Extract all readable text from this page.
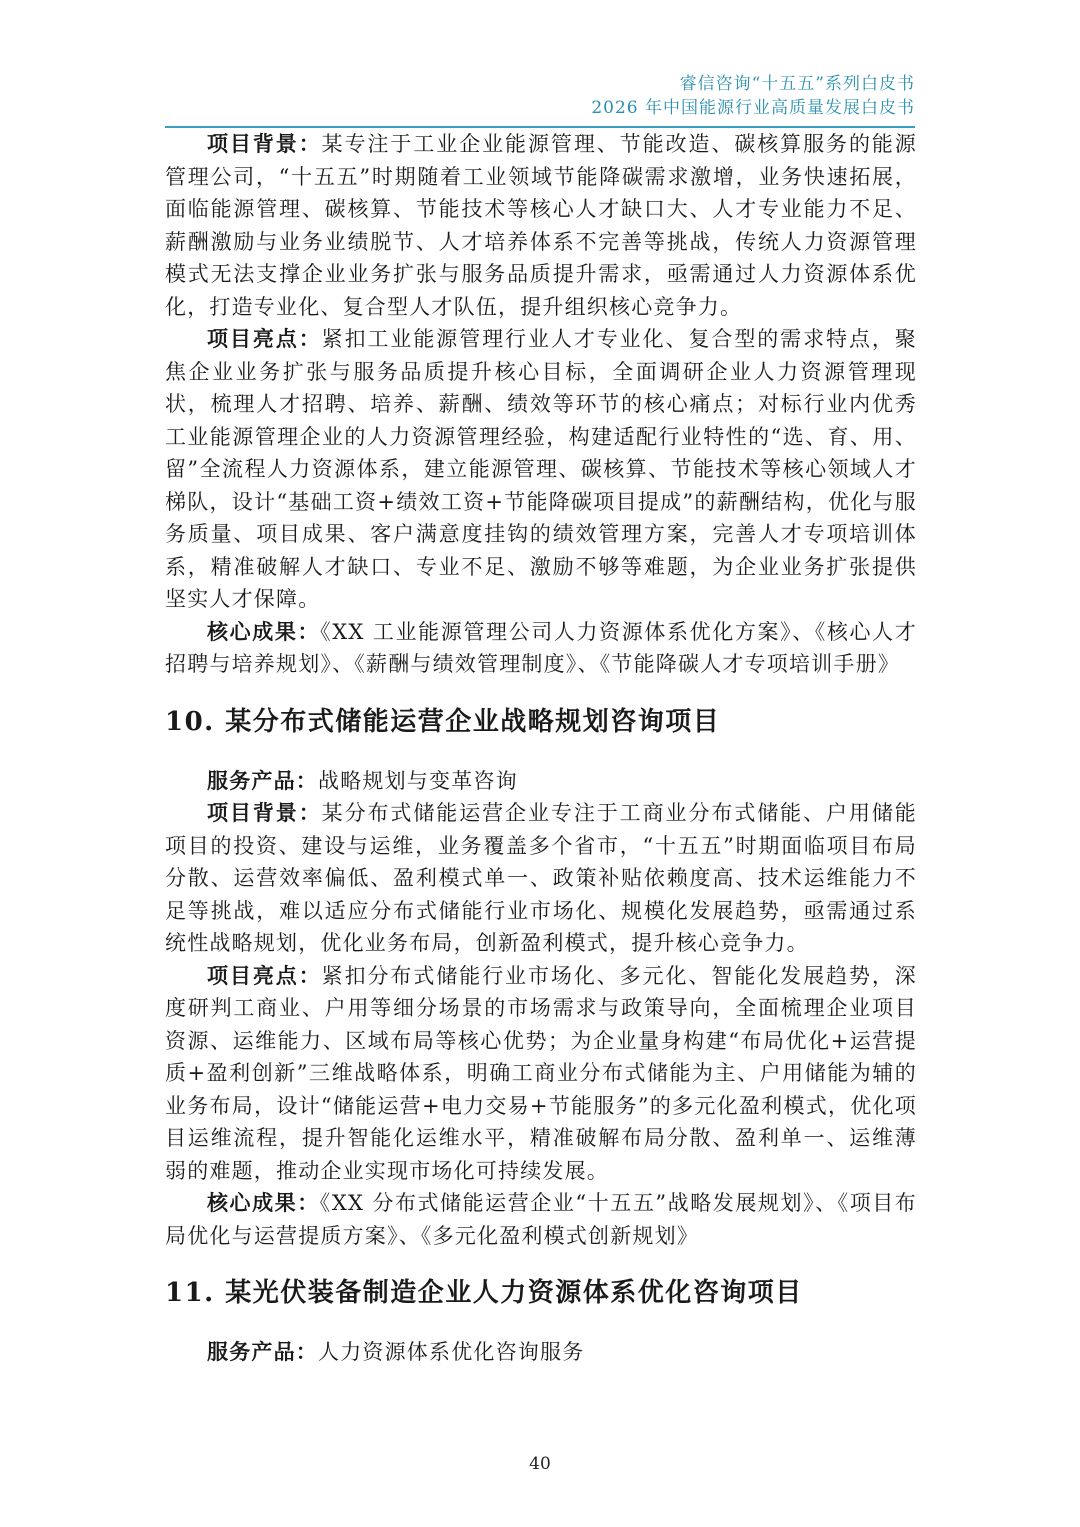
睿信咨询“十五五”系列白皮书
2026 年中国能源行业高质量发展白皮书

项目背景：某专注于工业企业能源管理、节能改造、碳核算服务的能源管理公司，“十五五”时期随着工业领域节能降碳需求激增，业务快速拓展，面临能源管理、碳核算、节能技术等核心人才缺口大、人才专业能力不足、薪酬激励与业务业绩脱节、人才培养体系不完善等挑战，传统人力资源管理模式无法支撑企业业务扩张与服务品质提升需求，亟需通过人力资源体系优化，打造专业化、复合型人才队伍，提升组织核心竞争力。

项目亮点：紧扣工业能源管理行业人才专业化、复合型的需求特点，聚焦企业业务扩张与服务品质提升核心目标，全面调研企业人力资源管理现状，梳理人才招聘、培养、薪酬、绩效等环节的核心痛点；对标行业内优秀工业能源管理企业的人力资源管理经验，构建适配行业特性的“选、育、用、留”全流程人力资源体系，建立能源管理、碳核算、节能技术等核心领域人才梯队，设计“基础工资+绩效工资+节能降碳项目提成”的薪酬结构，优化与服务质量、项目成果、客户满意度挂钩的绩效管理方案，完善人才专项培训体系，精准破解人才缺口、专业不足、激励不够等难题，为企业业务扩张提供坚实人才保障。

核心成果：《XX 工业能源管理公司人力资源体系优化方案》、《核心人才招聘与培养规划》、《薪酬与绩效管理制度》、《节能降碳人才专项培训手册》

10. 某分布式储能运营企业战略规划咨询项目

服务产品：战略规划与变革咨询

项目背景：某分布式储能运营企业专注于工商业分布式储能、户用储能项目的投资、建设与运维，业务覆盖多个省市，“十五五”时期面临项目布局分散、运营效率偏低、盈利模式单一、政策补贴依赖度高、技术运维能力不足等挑战，难以适应分布式储能行业市场化、规模化发展趋势，亟需通过系统性战略规划，优化业务布局，创新盈利模式，提升核心竞争力。

项目亮点：紧扣分布式储能行业市场化、多元化、智能化发展趋势，深度研判工商业、户用等细分场景的市场需求与政策导向，全面梳理企业项目资源、运维能力、区域布局等核心优势；为企业量身构建“布局优化+运营提质+盈利创新”三维战略体系，明确工商业分布式储能为主、户用储能为辅的业务布局，设计“储能运营+电力交易+节能服务”的多元化盈利模式，优化项目运维流程，提升智能化运维水平，精准破解布局分散、盈利单一、运维薄弱的难题，推动企业实现市场化可持续发展。

核心成果：《XX 分布式储能运营企业“十五五”战略发展规划》、《项目布局优化与运营提质方案》、《多元化盈利模式创新规划》

11. 某光伏装备制造企业人力资源体系优化咨询项目

服务产品：人力资源体系优化咨询服务

40
